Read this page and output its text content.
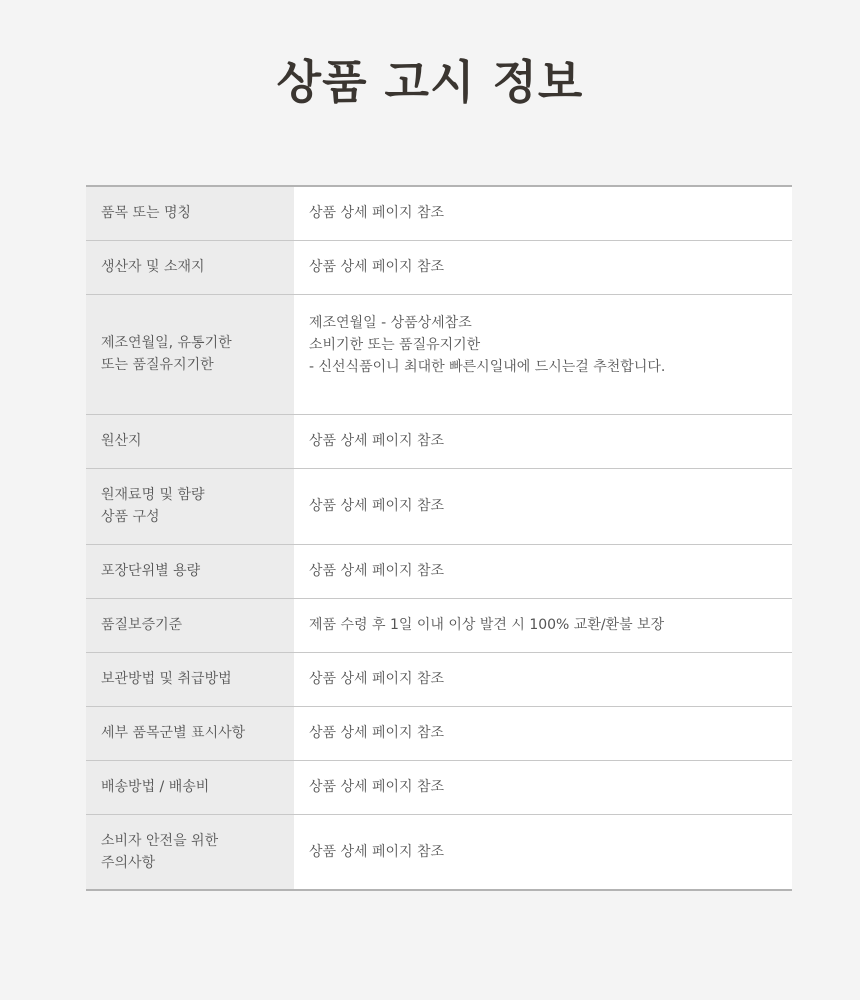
상품 고시 정보
품목 또는 명칭	상품 상세 페이지 참조

생산자 및 소재지	상품 상세 페이지 참조

제조연월일, 유통기한
또는 품질유지기한	제조연월일 - 상품상세참조
소비기한 또는 품질유지기한
- 신선식품이니 최대한 빠른시일내에 드시는걸 추천합니다.

원산지	상품 상세 페이지 참조

원재료명 및 함량
상품 구성	상품 상세 페이지 참조

포장단위별 용량	상품 상세 페이지 참조

품질보증기준	제품 수령 후 1일 이내 이상 발견 시 100% 교환/환불 보장

보관방법 및 취급방법	상품 상세 페이지 참조

세부 품목군별 표시사항	상품 상세 페이지 참조

배송방법 / 배송비	상품 상세 페이지 참조

소비자 안전을 위한
주의사항	상품 상세 페이지 참조
